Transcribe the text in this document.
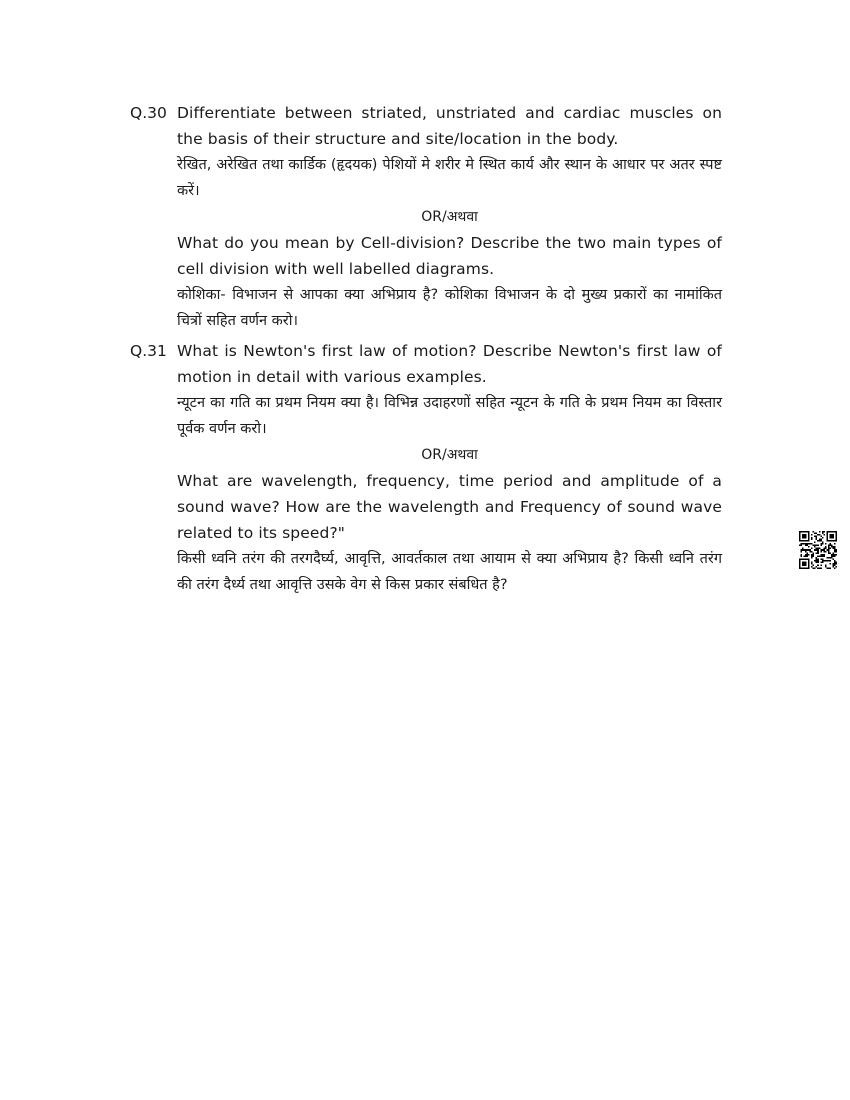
Q.30 Differentiate between striated, unstriated and cardiac muscles on the basis of their structure and site/location in the body.

रेखित, अरेखित तथा कार्डिक (हृदयक) पेशियों मे शरीर मे स्थित कार्य और स्थान के आधार पर अतर स्पष्ट करें।

OR/अथवा

What do you mean by Cell-division? Describe the two main types of cell division with well labelled diagrams.

कोशिका- विभाजन से आपका क्या अभिप्राय है? कोशिका विभाजन के दो मुख्य प्रकारों का नामांकित चित्रों सहित वर्णन करो।

Q.31 What is Newton's first law of motion? Describe Newton's first law of motion in detail with various examples.

न्यूटन का गति का प्रथम नियम क्या है। विभिन्न उदाहरणों सहित न्यूटन के गति के प्रथम नियम का विस्तार पूर्वक वर्णन करो।

OR/अथवा

What are wavelength, frequency, time period and amplitude of a sound wave? How are the wavelength and Frequency of sound wave related to its speed?"

किसी ध्वनि तरंग की तरगदैर्घ्य, आवृत्ति, आवर्तकाल तथा आयाम से क्या अभिप्राय है? किसी ध्वनि तरंग की तरंग दैर्ध्य तथा आवृत्ति उसके वेग से किस प्रकार संबधित है?
